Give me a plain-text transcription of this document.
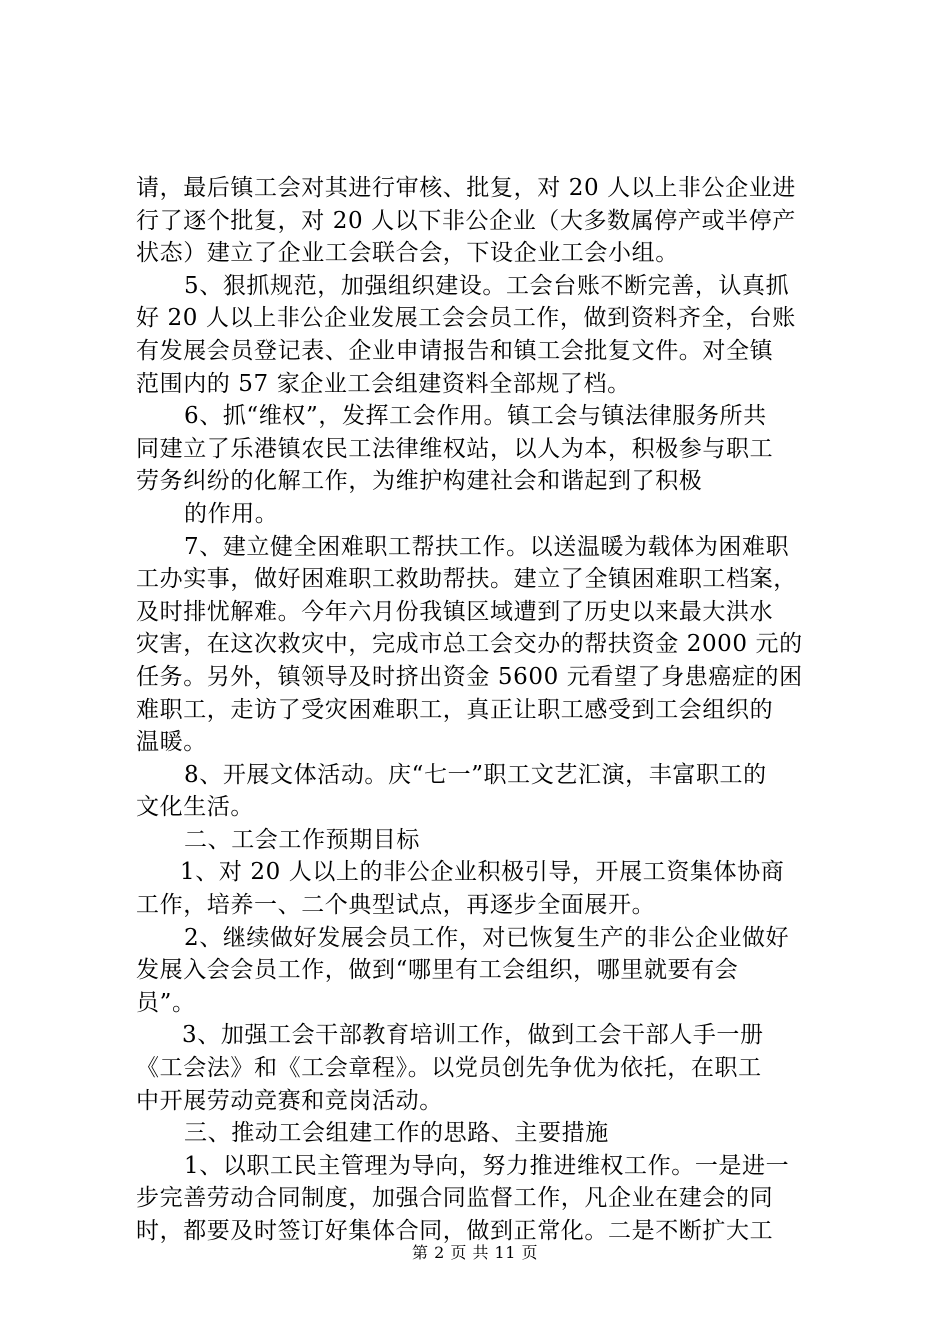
请，最后镇工会对其进行审核、批复，对 20 人以上非公企业进
行了逐个批复，对 20 人以下非公企业（大多数属停产或半停产
状态）建立了企业工会联合会，下设企业工会小组。
5、狠抓规范，加强组织建设。工会台账不断完善，认真抓
好 20 人以上非公企业发展工会会员工作，做到资料齐全，台账
有发展会员登记表、企业申请报告和镇工会批复文件。对全镇
范围内的 57 家企业工会组建资料全部规了档。
6、抓“维权”，发挥工会作用。镇工会与镇法律服务所共
同建立了乐港镇农民工法律维权站，以人为本，积极参与职工
劳务纠纷的化解工作，为维护构建社会和谐起到了积极
的作用。
7、建立健全困难职工帮扶工作。以送温暖为载体为困难职
工办实事，做好困难职工救助帮扶。建立了全镇困难职工档案，
及时排忧解难。今年六月份我镇区域遭到了历史以来最大洪水
灾害，在这次救灾中，完成市总工会交办的帮扶资金 2000 元的
任务。另外，镇领导及时挤出资金 5600 元看望了身患癌症的困
难职工，走访了受灾困难职工，真正让职工感受到工会组织的
温暖。
8、开展文体活动。庆“七一”职工文艺汇演，丰富职工的
文化生活。
二、工会工作预期目标
1、对 20 人以上的非公企业积极引导，开展工资集体协商
工作，培养一、二个典型试点，再逐步全面展开。
2、继续做好发展会员工作，对已恢复生产的非公企业做好
发展入会会员工作，做到“哪里有工会组织，哪里就要有会
员”。
3、加强工会干部教育培训工作，做到工会干部人手一册
《工会法》和《工会章程》。以党员创先争优为依托，在职工
中开展劳动竞赛和竞岗活动。
三、推动工会组建工作的思路、主要措施
1、以职工民主管理为导向，努力推进维权工作。一是进一
步完善劳动合同制度，加强合同监督工作，凡企业在建会的同
时，都要及时签订好集体合同，做到正常化。二是不断扩大工
第 2 页 共 11 页
